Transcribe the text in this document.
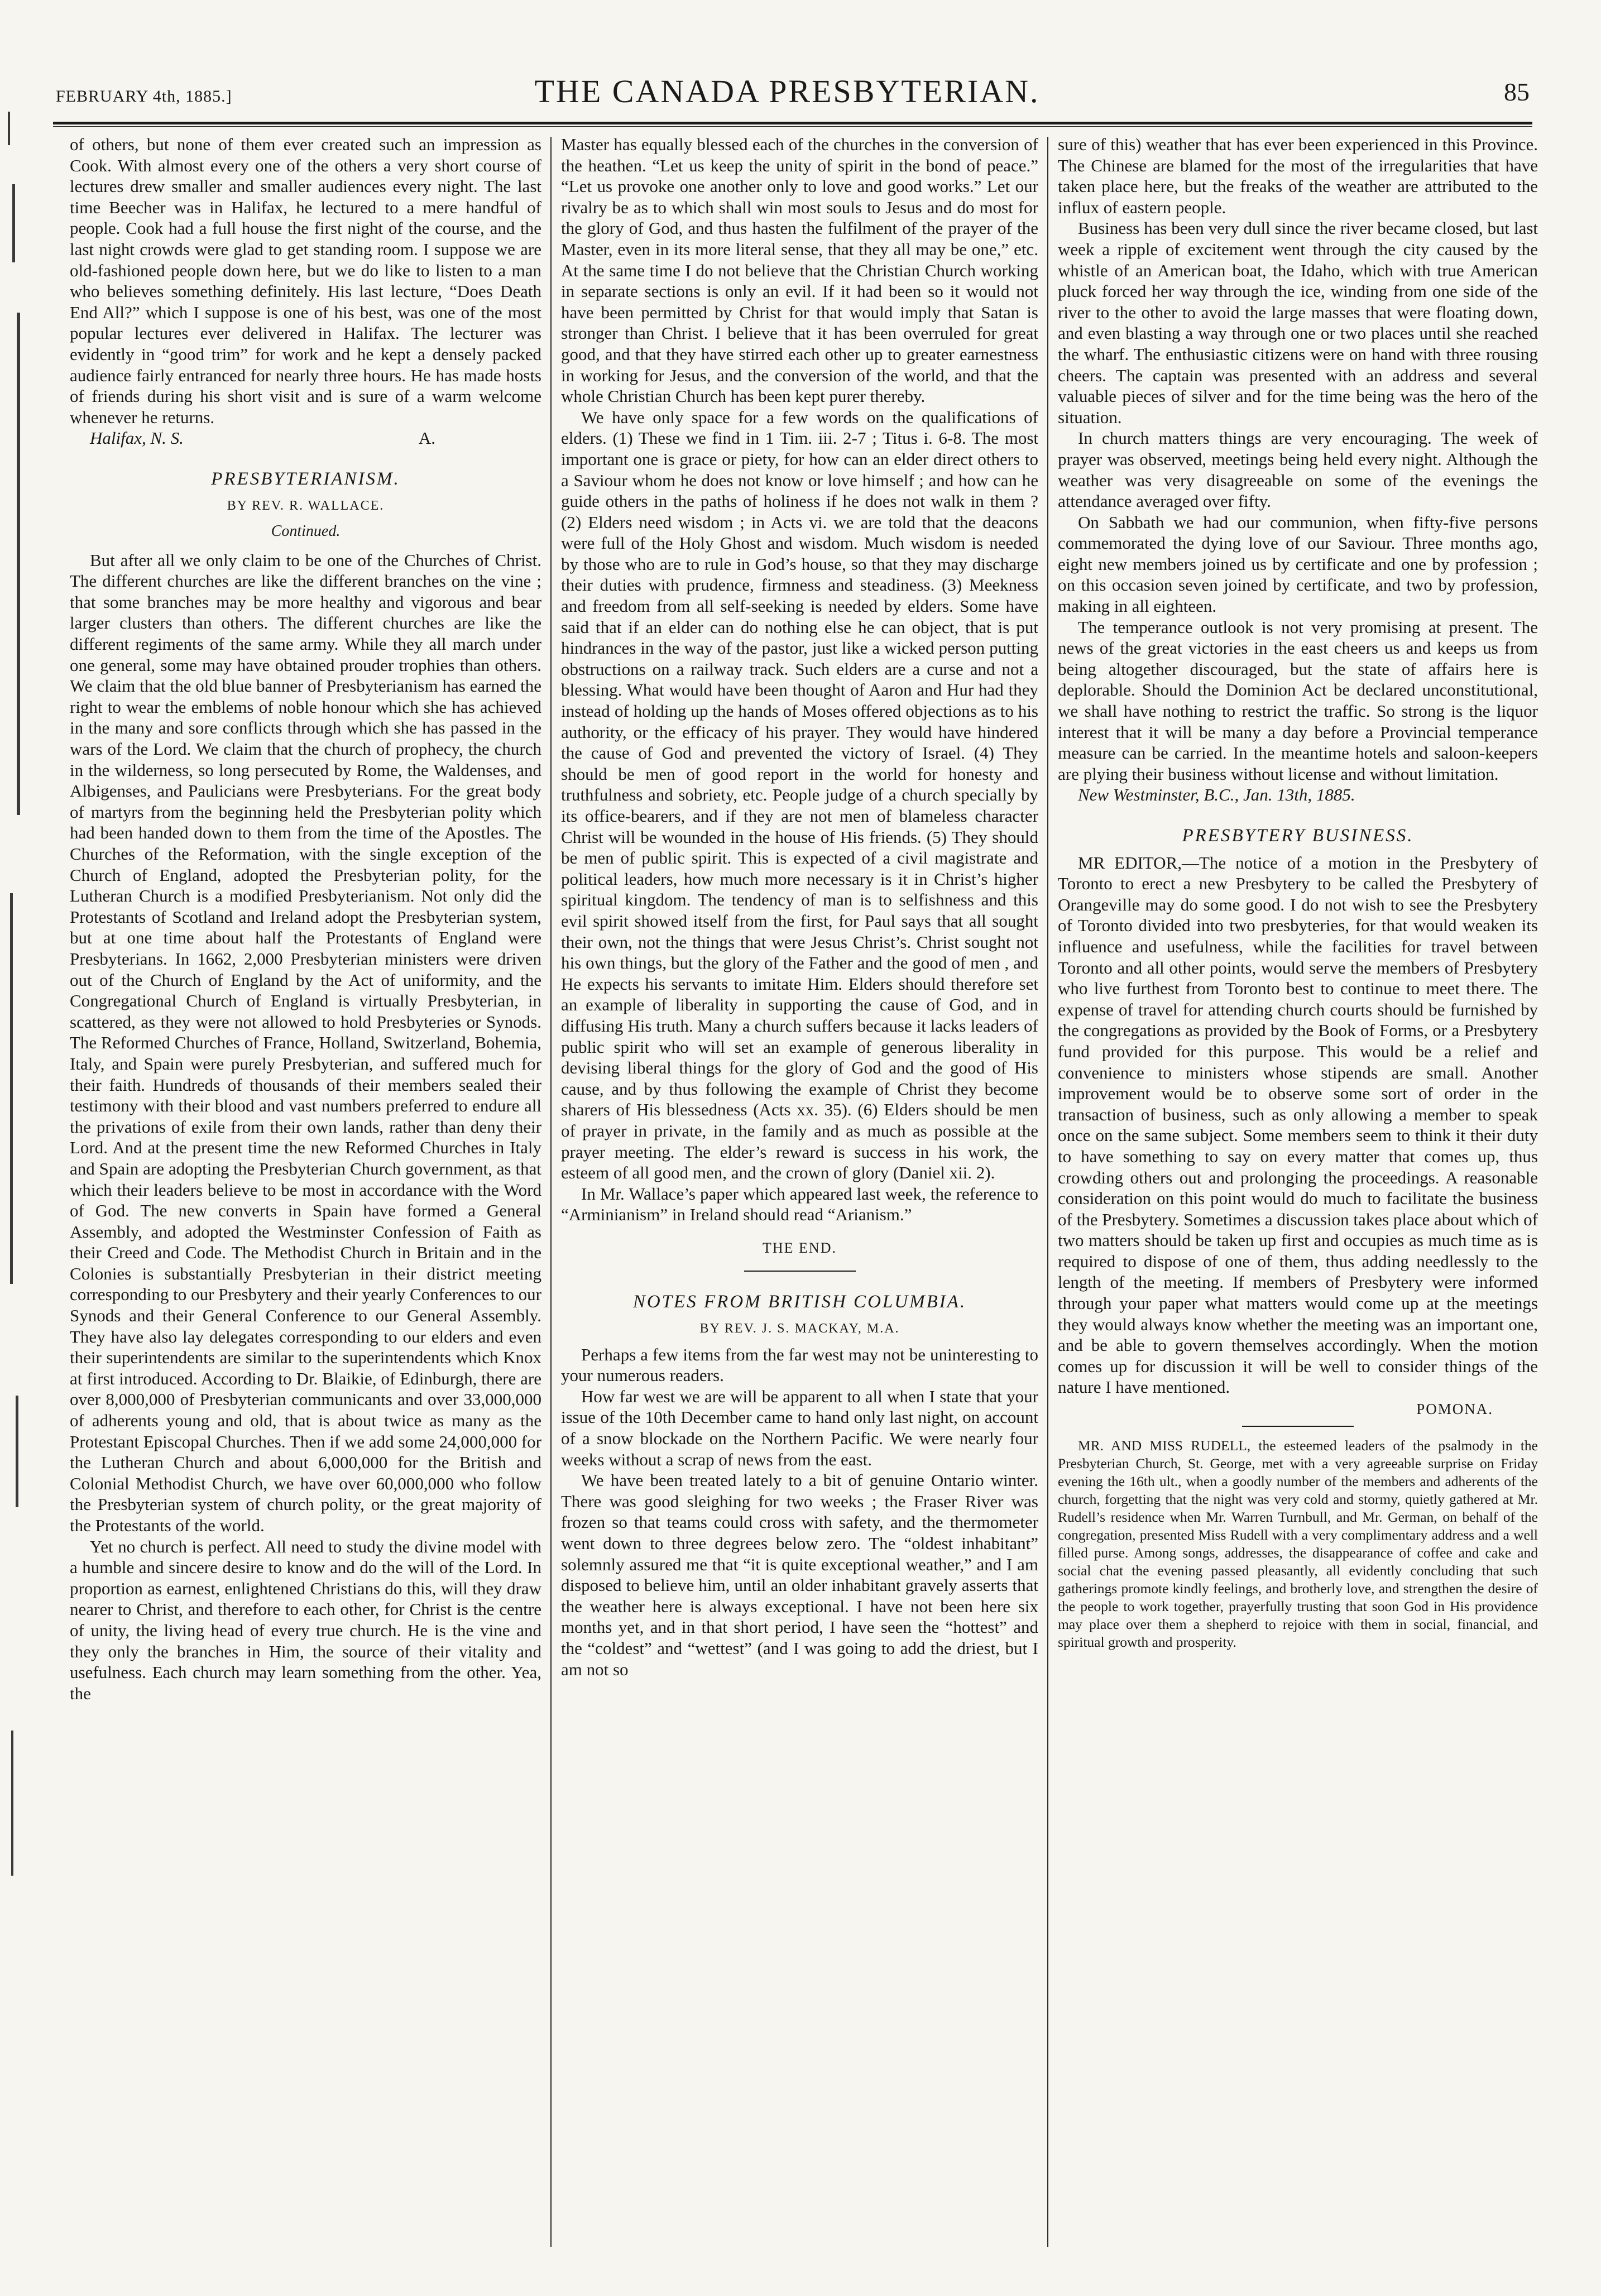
FEBRUARY 4th, 1885.]	THE CANADA PRESBYTERIAN.	85

of others, but none of them ever created such an impression as Cook. With almost every one of the others a very short course of lectures drew smaller and smaller audiences every night. The last time Beecher was in Halifax, he lectured to a mere handful of people. Cook had a full house the first night of the course, and the last night crowds were glad to get standing room. I suppose we are old-fashioned people down here, but we do like to listen to a man who believes something definitely. His last lecture, “Does Death End All?” which I suppose is one of his best, was one of the most popular lectures ever delivered in Halifax. The lecturer was evidently in “good trim” for work and he kept a densely packed audience fairly entranced for nearly three hours. He has made hosts of friends during his short visit and is sure of a warm welcome whenever he returns.

Halifax, N. S.	A.
PRESBYTERIANISM.
BY REV. R. WALLACE.
Continued.

But after all we only claim to be one of the Churches of Christ. The different churches are like the different branches on the vine ; that some branches may be more healthy and vigorous and bear larger clusters than others. The different churches are like the different regiments of the same army. While they all march under one general, some may have obtained prouder trophies than others. We claim that the old blue banner of Presbyterianism has earned the right to wear the emblems of noble honour which she has achieved in the many and sore conflicts through which she has passed in the wars of the Lord. We claim that the church of prophecy, the church in the wilderness, so long persecuted by Rome, the Waldenses, and Albigenses, and Paulicians were Presbyterians. For the great body of martyrs from the beginning held the Presbyterian polity which had been handed down to them from the time of the Apostles. The Churches of the Reformation, with the single exception of the Church of England, adopted the Presbyterian polity, for the Lutheran Church is a modified Presbyterianism. Not only did the Protestants of Scotland and Ireland adopt the Presbyterian system, but at one time about half the Protestants of England were Presbyterians. In 1662, 2,000 Presbyterian ministers were driven out of the Church of England by the Act of uniformity, and the Congregational Church of England is virtually Presbyterian, in scattered, as they were not allowed to hold Presbyteries or Synods. The Reformed Churches of France, Holland, Switzerland, Bohemia, Italy, and Spain were purely Presbyterian, and suffered much for their faith. Hundreds of thousands of their members sealed their testimony with their blood and vast numbers preferred to endure all the privations of exile from their own lands, rather than deny their Lord. And at the present time the new Reformed Churches in Italy and Spain are adopting the Presbyterian Church government, as that which their leaders believe to be most in accordance with the Word of God. The new converts in Spain have formed a General Assembly, and adopted the Westminster Confession of Faith as their Creed and Code. The Methodist Church in Britain and in the Colonies is substantially Presbyterian in their district meeting corresponding to our Presbytery and their yearly Conferences to our Synods and their General Conference to our General Assembly. They have also lay delegates corresponding to our elders and even their superintendents are similar to the superintendents which Knox at first introduced. According to Dr. Blaikie, of Edinburgh, there are over 8,000,000 of Presbyterian communicants and over 33,000,000 of adherents young and old, that is about twice as many as the Protestant Episcopal Churches. Then if we add some 24,000,000 for the Lutheran Church and about 6,000,000 for the British and Colonial Methodist Church, we have over 60,000,000 who follow the Presbyterian system of church polity, or the great majority of the Protestants of the world.

Yet no church is perfect. All need to study the divine model with a humble and sincere desire to know and do the will of the Lord. In proportion as earnest, enlightened Christians do this, will they draw nearer to Christ, and therefore to each other, for Christ is the centre of unity, the living head of every true church. He is the vine and they only the branches in Him, the source of their vitality and usefulness. Each church may learn something from the other. Yea, the

Master has equally blessed each of the churches in the conversion of the heathen. “Let us keep the unity of spirit in the bond of peace.” “Let us provoke one another only to love and good works.” Let our rivalry be as to which shall win most souls to Jesus and do most for the glory of God, and thus hasten the fulfilment of the prayer of the Master, even in its more literal sense, that they all may be one,” etc. At the same time I do not believe that the Christian Church working in separate sections is only an evil. If it had been so it would not have been permitted by Christ for that would imply that Satan is stronger than Christ. I believe that it has been overruled for great good, and that they have stirred each other up to greater earnestness in working for Jesus, and the conversion of the world, and that the whole Christian Church has been kept purer thereby.

We have only space for a few words on the qualifications of elders. (1) These we find in 1 Tim. iii. 2-7 ; Titus i. 6-8. The most important one is grace or piety, for how can an elder direct others to a Saviour whom he does not know or love himself ; and how can he guide others in the paths of holiness if he does not walk in them ? (2) Elders need wisdom ; in Acts vi. we are told that the deacons were full of the Holy Ghost and wisdom. Much wisdom is needed by those who are to rule in God’s house, so that they may discharge their duties with prudence, firmness and steadiness. (3) Meekness and freedom from all self-seeking is needed by elders. Some have said that if an elder can do nothing else he can object, that is put hindrances in the way of the pastor, just like a wicked person putting obstructions on a railway track. Such elders are a curse and not a blessing. What would have been thought of Aaron and Hur had they instead of holding up the hands of Moses offered objections as to his authority, or the efficacy of his prayer. They would have hindered the cause of God and prevented the victory of Israel. (4) They should be men of good report in the world for honesty and truthfulness and sobriety, etc. People judge of a church specially by its office-bearers, and if they are not men of blameless character Christ will be wounded in the house of His friends. (5) They should be men of public spirit. This is expected of a civil magistrate and political leaders, how much more necessary is it in Christ’s higher spiritual kingdom. The tendency of man is to selfishness and this evil spirit showed itself from the first, for Paul says that all sought their own, not the things that were Jesus Christ’s. Christ sought not his own things, but the glory of the Father and the good of men , and He expects his servants to imitate Him. Elders should therefore set an example of liberality in supporting the cause of God, and in diffusing His truth. Many a church suffers because it lacks leaders of public spirit who will set an example of generous liberality in devising liberal things for the glory of God and the good of His cause, and by thus following the example of Christ they become sharers of His blessedness (Acts xx. 35). (6) Elders should be men of prayer in private, in the family and as much as possible at the prayer meeting. The elder’s reward is success in his work, the esteem of all good men, and the crown of glory (Daniel xii. 2).

In Mr. Wallace’s paper which appeared last week, the reference to “Arminianism” in Ireland should read “Arianism.”

THE END.
NOTES FROM BRITISH COLUMBIA.
BY REV. J. S. MACKAY, M.A.

Perhaps a few items from the far west may not be uninteresting to your numerous readers.

How far west we are will be apparent to all when I state that your issue of the 10th December came to hand only last night, on account of a snow blockade on the Northern Pacific. We were nearly four weeks without a scrap of news from the east.

We have been treated lately to a bit of genuine Ontario winter. There was good sleighing for two weeks ; the Fraser River was frozen so that teams could cross with safety, and the thermometer went down to three degrees below zero. The “oldest inhabitant” solemnly assured me that “it is quite exceptional weather,” and I am disposed to believe him, until an older inhabitant gravely asserts that the weather here is always exceptional. I have not been here six months yet, and in that short period, I have seen the “hottest” and the “coldest” and “wettest” (and I was going to add the driest, but I am not so

sure of this) weather that has ever been experienced in this Province. The Chinese are blamed for the most of the irregularities that have taken place here, but the freaks of the weather are attributed to the influx of eastern people.

Business has been very dull since the river became closed, but last week a ripple of excitement went through the city caused by the whistle of an American boat, the Idaho, which with true American pluck forced her way through the ice, winding from one side of the river to the other to avoid the large masses that were floating down, and even blasting a way through one or two places until she reached the wharf. The enthusiastic citizens were on hand with three rousing cheers. The captain was presented with an address and several valuable pieces of silver and for the time being was the hero of the situation.

In church matters things are very encouraging. The week of prayer was observed, meetings being held every night. Although the weather was very disagreeable on some of the evenings the attendance averaged over fifty.

On Sabbath we had our communion, when fifty-five persons commemorated the dying love of our Saviour. Three months ago, eight new members joined us by certificate and one by profession ; on this occasion seven joined by certificate, and two by profession, making in all eighteen.

The temperance outlook is not very promising at present. The news of the great victories in the east cheers us and keeps us from being altogether discouraged, but the state of affairs here is deplorable. Should the Dominion Act be declared unconstitutional, we shall have nothing to restrict the traffic. So strong is the liquor interest that it will be many a day before a Provincial temperance measure can be carried. In the meantime hotels and saloon-keepers are plying their business without license and without limitation.

New Westminster, B.C., Jan. 13th, 1885.
PRESBYTERY BUSINESS.

MR EDITOR,—The notice of a motion in the Presbytery of Toronto to erect a new Presbytery to be called the Presbytery of Orangeville may do some good. I do not wish to see the Presbytery of Toronto divided into two presbyteries, for that would weaken its influence and usefulness, while the facilities for travel between Toronto and all other points, would serve the members of Presbytery who live furthest from Toronto best to continue to meet there. The expense of travel for attending church courts should be furnished by the congregations as provided by the Book of Forms, or a Presbytery fund provided for this purpose. This would be a relief and convenience to ministers whose stipends are small. Another improvement would be to observe some sort of order in the transaction of business, such as only allowing a member to speak once on the same subject. Some members seem to think it their duty to have something to say on every matter that comes up, thus crowding others out and prolonging the proceedings. A reasonable consideration on this point would do much to facilitate the business of the Presbytery. Sometimes a discussion takes place about which of two matters should be taken up first and occupies as much time as is required to dispose of one of them, thus adding needlessly to the length of the meeting. If members of Presbytery were informed through your paper what matters would come up at the meetings they would always know whether the meeting was an important one, and be able to govern themselves accordingly. When the motion comes up for discussion it will be well to consider things of the nature I have mentioned.

POMONA.

MR. AND MISS RUDELL, the esteemed leaders of the psalmody in the Presbyterian Church, St. George, met with a very agreeable surprise on Friday evening the 16th ult., when a goodly number of the members and adherents of the church, forgetting that the night was very cold and stormy, quietly gathered at Mr. Rudell’s residence when Mr. Warren Turnbull, and Mr. German, on behalf of the congregation, presented Miss Rudell with a very complimentary address and a well filled purse. Among songs, addresses, the disappearance of coffee and cake and social chat the evening passed pleasantly, all evidently concluding that such gatherings promote kindly feelings, and brotherly love, and strengthen the desire of the people to work together, prayerfully trusting that soon God in His providence may place over them a shepherd to rejoice with them in social, financial, and spiritual growth and prosperity.
